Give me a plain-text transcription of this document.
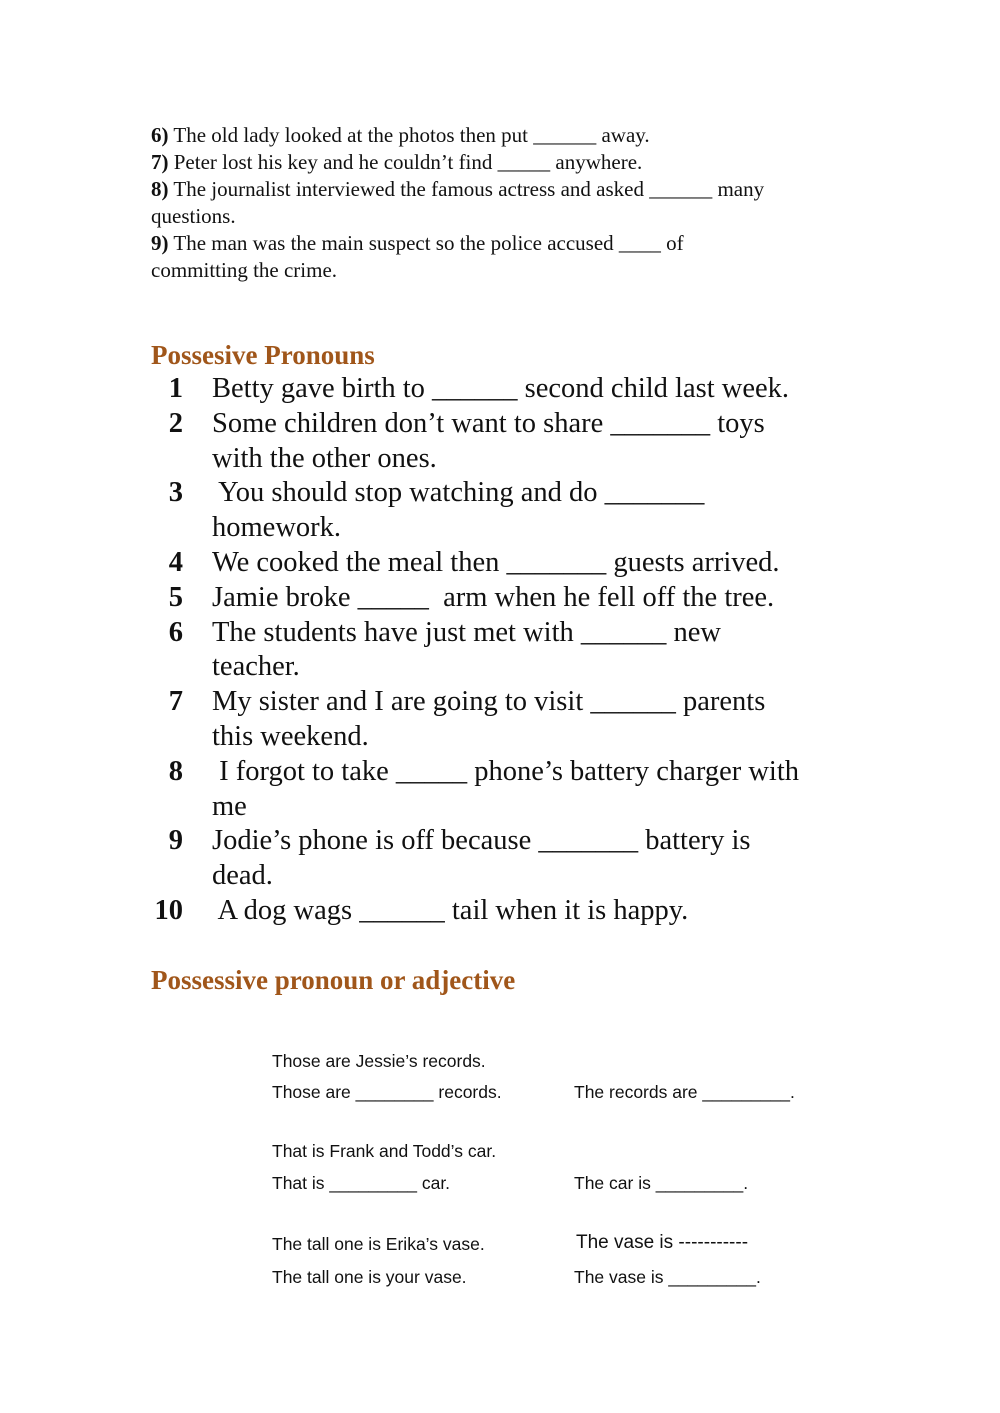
6) The old lady looked at the photos then put ______ away.
7) Peter lost his key and he couldn’t find _____ anywhere.
8) The journalist interviewed the famous actress and asked ______ many
questions.
9) The man was the main suspect so the police accused ____ of
committing the crime.
Possesive Pronouns
1 Betty gave birth to ______ second child last week.
2 Some children don’t want to share _______ toys
with the other ones.
3 You should stop watching and do _______
homework.
4 We cooked the meal then _______ guests arrived.
5 Jamie broke _____  arm when he fell off the tree.
6 The students have just met with ______ new
teacher.
7 My sister and I are going to visit ______ parents
this weekend.
8 I forgot to take _____ phone’s battery charger with
me
9 Jodie’s phone is off because _______ battery is
dead.
10 A dog wags ______ tail when it is happy.
Possessive pronoun or adjective
Those are Jessie’s records.
Those are ________ records.	The records are _________.
That is Frank and Todd’s car.
That is _________ car.	The car is _________.
The tall one is Erika’s vase.	The vase is -----------
The tall one is your vase.	The vase is _________.
